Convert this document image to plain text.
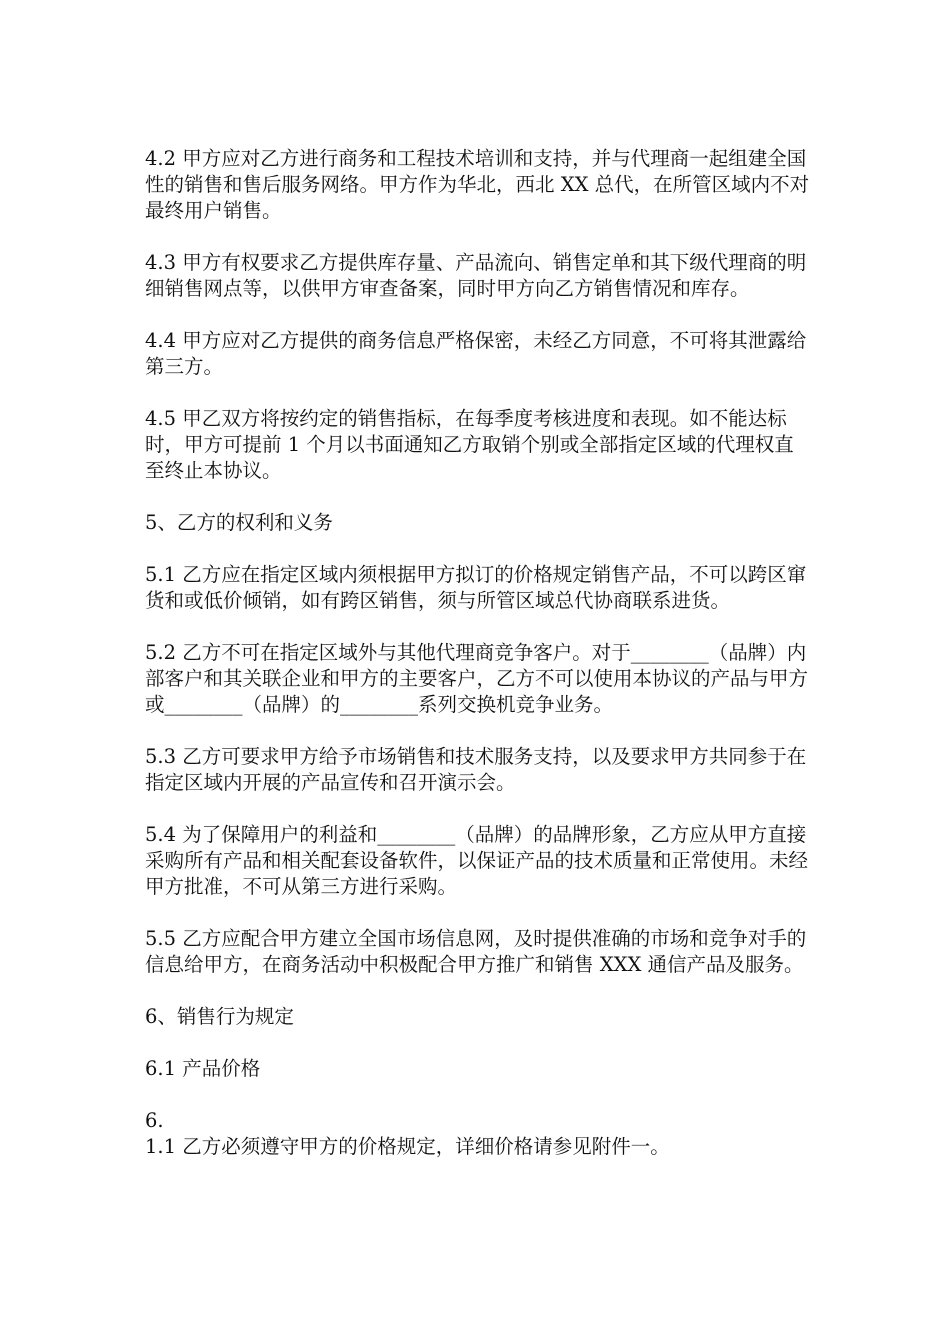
4.2 甲方应对乙方进行商务和工程技术培训和支持，并与代理商一起组建全国性的销售和售后服务网络。甲方作为华北，西北 XX 总代，在所管区域内不对最终用户销售。

4.3 甲方有权要求乙方提供库存量、产品流向、销售定单和其下级代理商的明细销售网点等，以供甲方审查备案，同时甲方向乙方销售情况和库存。

4.4 甲方应对乙方提供的商务信息严格保密，未经乙方同意，不可将其泄露给第三方。

4.5 甲乙双方将按约定的销售指标，在每季度考核进度和表现。如不能达标时，甲方可提前 1 个月以书面通知乙方取销个别或全部指定区域的代理权直至终止本协议。

5、乙方的权利和义务

5.1 乙方应在指定区域内须根据甲方拟订的价格规定销售产品，不可以跨区窜货和或低价倾销，如有跨区销售，须与所管区域总代协商联系进货。

5.2 乙方不可在指定区域外与其他代理商竞争客户。对于________（品牌）内部客户和其关联企业和甲方的主要客户，乙方不可以使用本协议的产品与甲方或________（品牌）的________系列交换机竞争业务。

5.3 乙方可要求甲方给予市场销售和技术服务支持，以及要求甲方共同参于在指定区域内开展的产品宣传和召开演示会。

5.4 为了保障用户的利益和________（品牌）的品牌形象，乙方应从甲方直接采购所有产品和相关配套设备软件，以保证产品的技术质量和正常使用。未经甲方批准，不可从第三方进行采购。

5.5 乙方应配合甲方建立全国市场信息网，及时提供准确的市场和竞争对手的信息给甲方，在商务活动中积极配合甲方推广和销售 XXX 通信产品及服务。

6、销售行为规定

6.1 产品价格

6.

1.1 乙方必须遵守甲方的价格规定，详细价格请参见附件一。
